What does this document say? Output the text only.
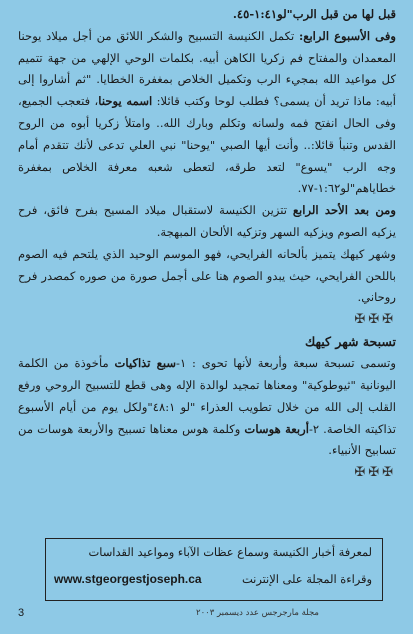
قبل لها من قبل الرب"لو١:٤١-٤٥.

وفى الأسبوع الرابع: تكمل الكنيسة التسبيح والشكر اللائق من أجل ميلاد يوحنا المعمدان والمفتاح فم زكريا الكاهن أبيه. بكلمات الوحي الإلهي من جهة تتميم كل مواعيد الله بمجيء الرب وتكميل الخلاص بمغفرة الخطايا. "ثم أشاروا إلى أبيه: ماذا تريد أن يسمى؟ فطلب لوحا وكتب قائلا: اسمه يوحنا، فتعجب الجميع، وفى الحال انفتح فمه ولسانه وتكلم وبارك الله.. وامتلأ زكريا أبوه من الروح القدس وتنبأ قائلا:.. وأنت أيها الصبي "يوحنا" نبي العلي تدعى لأنك تتقدم أمام وجه الرب "يسوع" لتعد طرقه، لتعطى شعبه معرفة الخلاص بمغفرة خطاياهم"لو١:٦٢-٧٧.

ومن بعد الأحد الرابع تتزين الكنيسة لاستقبال ميلاد المسيح بفرح فائق، فرح يزكيه الصوم ويزكيه السهر وتزكيه الألحان المبهجة.

وشهر كيهك يتميز بألحانه الفرايحي، فهو الموسم الوحيد الذي يلتحم فيه الصوم باللحن الفرايحي، حيث يبدو الصوم هنا على أجمل صورة من صوره كمصدر فرح روحاني.

✠✠✠
تسبحة شهر كيهك

وتسمى تسبحة سبعة وأربعة لأنها تحوى : ١-سبع تذاكيات مأخوذة من الكلمة اليونانية "ثيوطوكية" ومعناها تمجيد لوالدة الإله وهى قطع للتسبيح الروحي ورفع القلب إلى الله من خلال تطويب العذراء "لو ٤٨:١"ولكل يوم من أيام الأسبوع تذاكيته الخاصة. ٢-أربعة هوسات وكلمة هوس معناها تسبيح والأربعة هوسات من تسابيح الأنبياء.

✠✠✠
لمعرفة أخبار الكنيسة وسماع عظات الآباء ومواعيد القداسات
وقراءة المجلة على الإنترنت
www.stgeorgestjoseph.ca
3	مجلة مارجرجس عدد ديسمبر ٢٠٠٣
